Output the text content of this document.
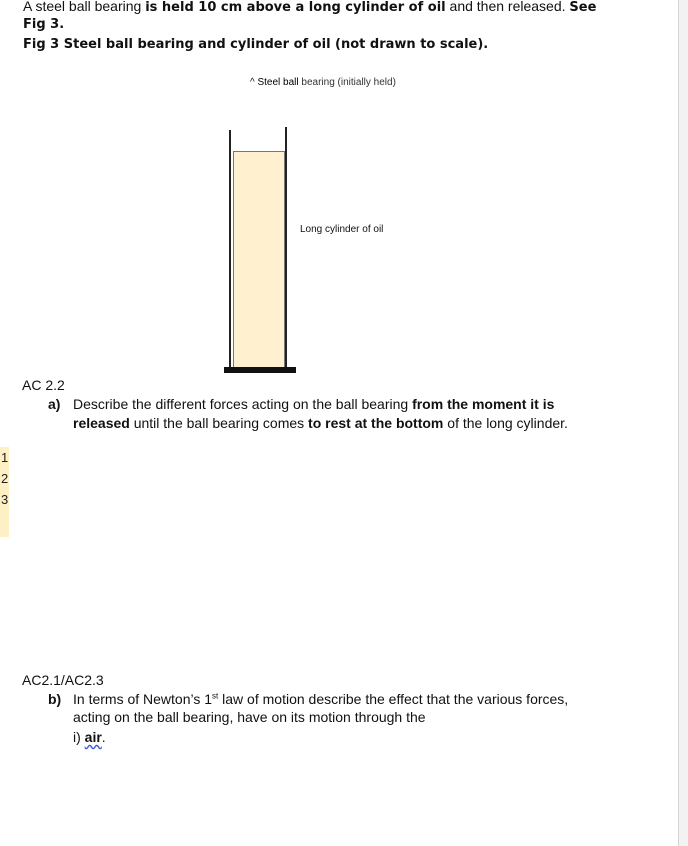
1
2
3
A steel ball bearing is held 10 cm above a long cylinder of oil and then released. See
Fig 3.
Fig 3 Steel ball bearing and cylinder of oil (not drawn to scale).
^ Steel ball bearing (initially held)
Long cylinder of oil
AC 2.2
a) Describe the different forces acting on the ball bearing from the moment it is
released until the ball bearing comes to rest at the bottom of the long cylinder.
AC2.1/AC2.3
b) In terms of Newton’s 1st law of motion describe the effect that the various forces,
acting on the ball bearing, have on its motion through the
i) air.
